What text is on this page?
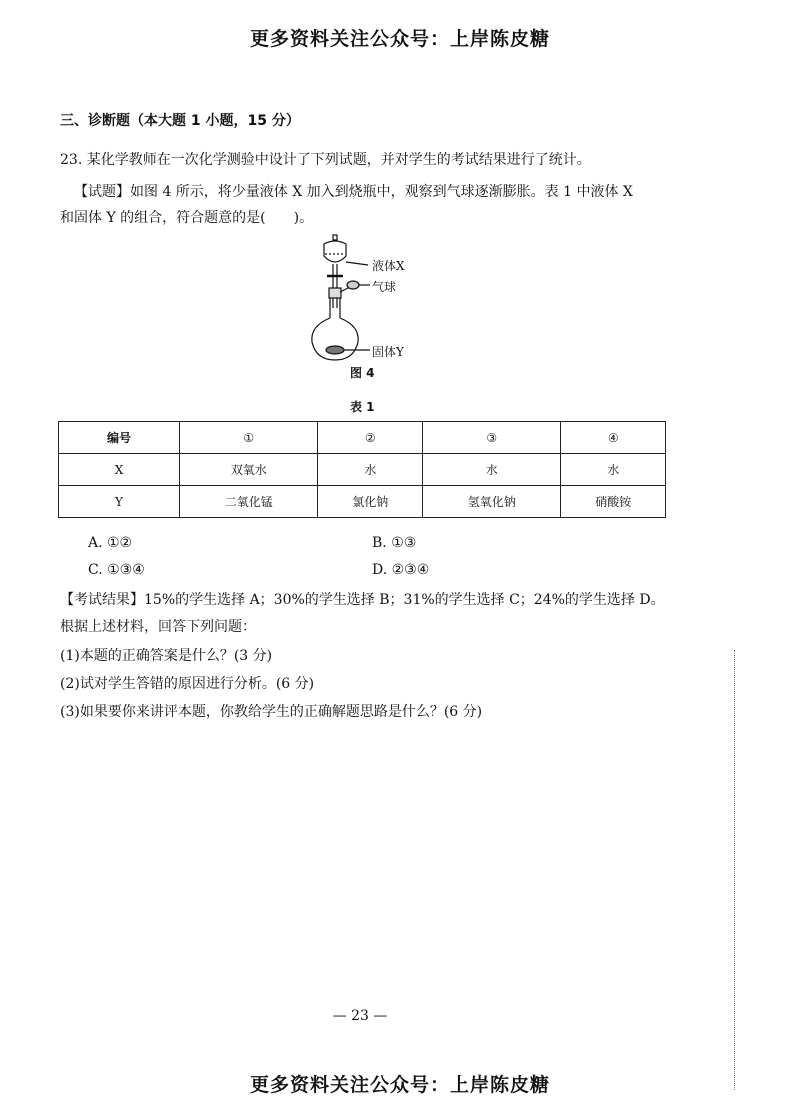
更多资料关注公众号：上岸陈皮糖
三、诊断题（本大题 1 小题，15 分）
23. 某化学教师在一次化学测验中设计了下列试题，并对学生的考试结果进行了统计。
【试题】如图 4 所示，将少量液体 X 加入到烧瓶中，观察到气球逐渐膨胀。表 1 中液体 X
和固体 Y 的组合，符合题意的是(　　)。
液体X
气球
固体Y
图 4
表 1
编号	①	②	③	④
X	双氧水	水	水	水
Y	二氧化锰	氯化钠	氢氧化钠	硝酸铵
A. ①②	B. ①③
C. ①③④	D. ②③④
【考试结果】15%的学生选择 A；30%的学生选择 B；31%的学生选择 C；24%的学生选择 D。
根据上述材料，回答下列问题：
(1)本题的正确答案是什么？(3 分)
(2)试对学生答错的原因进行分析。(6 分)
(3)如果要你来讲评本题，你教给学生的正确解题思路是什么？(6 分)
— 23 —
更多资料关注公众号：上岸陈皮糖
